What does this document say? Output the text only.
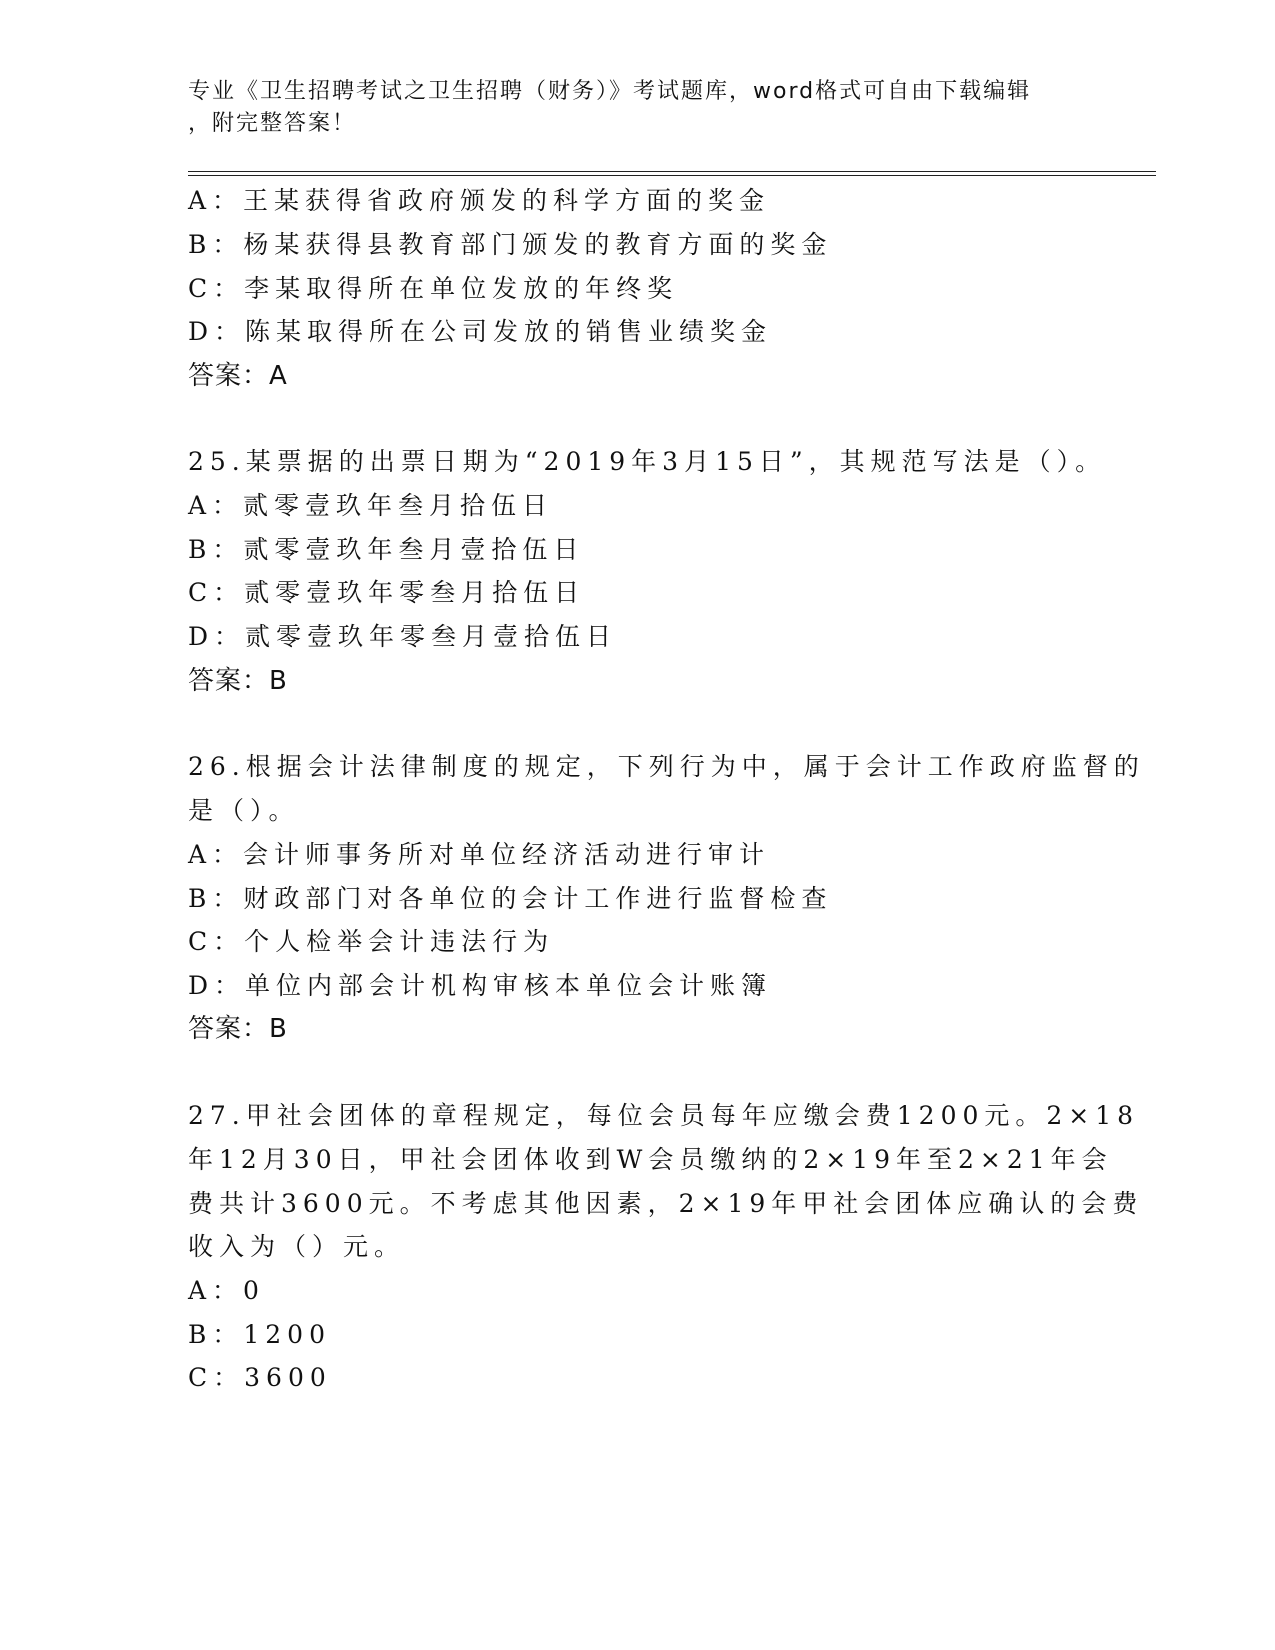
专业《卫生招聘考试之卫生招聘（财务）》考试题库，word格式可自由下载编辑
，附完整答案！
A：王某获得省政府颁发的科学方面的奖金
B：杨某获得县教育部门颁发的教育方面的奖金
C：李某取得所在单位发放的年终奖
D：陈某取得所在公司发放的销售业绩奖金
答案：A
25.某票据的出票日期为“2019年3月15日”，其规范写法是（）。
A：贰零壹玖年叁月拾伍日
B：贰零壹玖年叁月壹拾伍日
C：贰零壹玖年零叁月拾伍日
D：贰零壹玖年零叁月壹拾伍日
答案：B
26.根据会计法律制度的规定，下列行为中，属于会计工作政府监督的
是（）。
A：会计师事务所对单位经济活动进行审计
B：财政部门对各单位的会计工作进行监督检查
C：个人检举会计违法行为
D：单位内部会计机构审核本单位会计账簿
答案：B
27.甲社会团体的章程规定，每位会员每年应缴会费1200元。2×18
年12月30日，甲社会团体收到W会员缴纳的2×19年至2×21年会
费共计3600元。不考虑其他因素，2×19年甲社会团体应确认的会费
收入为（）元。
A：0
B：1200
C：3600
